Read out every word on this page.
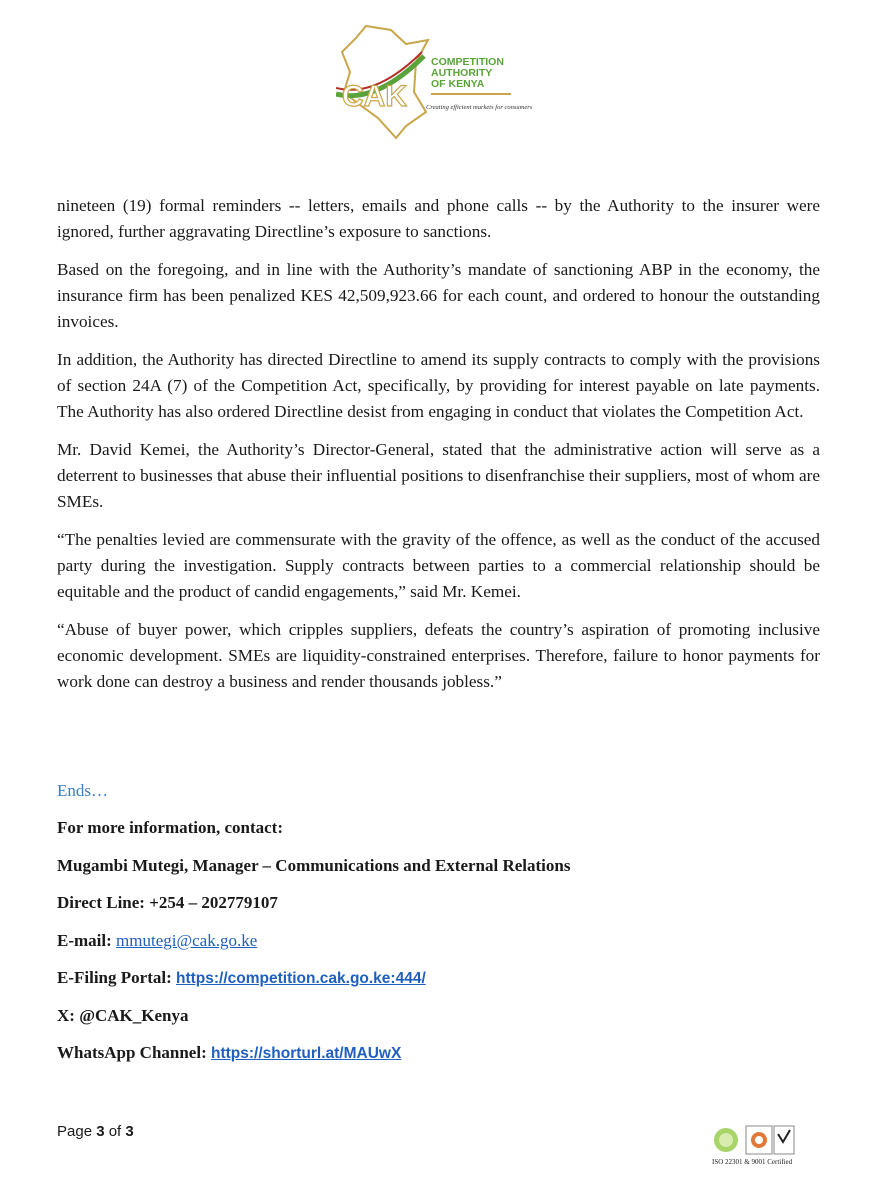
CAK
COMPETITION
AUTHORITY
OF KENYA
Creating efficient markets for consumers

nineteen (19) formal reminders -- letters, emails and phone calls -- by the Authority to the insurer were ignored, further aggravating Directline’s exposure to sanctions.

Based on the foregoing, and in line with the Authority’s mandate of sanctioning ABP in the economy, the insurance firm has been penalized KES 42,509,923.66 for each count, and ordered to honour the outstanding invoices.

In addition, the Authority has directed Directline to amend its supply contracts to comply with the provisions of section 24A (7) of the Competition Act, specifically, by providing for interest payable on late payments. The Authority has also ordered Directline desist from engaging in conduct that violates the Competition Act.

Mr. David Kemei, the Authority’s Director-General, stated that the administrative action will serve as a deterrent to businesses that abuse their influential positions to disenfranchise their suppliers, most of whom are SMEs.

“The penalties levied are commensurate with the gravity of the offence, as well as the conduct of the accused party during the investigation. Supply contracts between parties to a commercial relationship should be equitable and the product of candid engagements,” said Mr. Kemei.

“Abuse of buyer power, which cripples suppliers, defeats the country’s aspiration of promoting inclusive economic development. SMEs are liquidity-constrained enterprises. Therefore, failure to honor payments for work done can destroy a business and render thousands jobless.”

Ends…
For more information, contact:
Mugambi Mutegi, Manager – Communications and External Relations
Direct Line: +254 – 202779107
E-mail: mmutegi@cak.go.ke
E-Filing Portal: https://competition.cak.go.ke:444/
X: @CAK_Kenya
WhatsApp Channel: https://shorturl.at/MAUwX
Page 3 of 3
ISO 22301 & 9001 Certified
